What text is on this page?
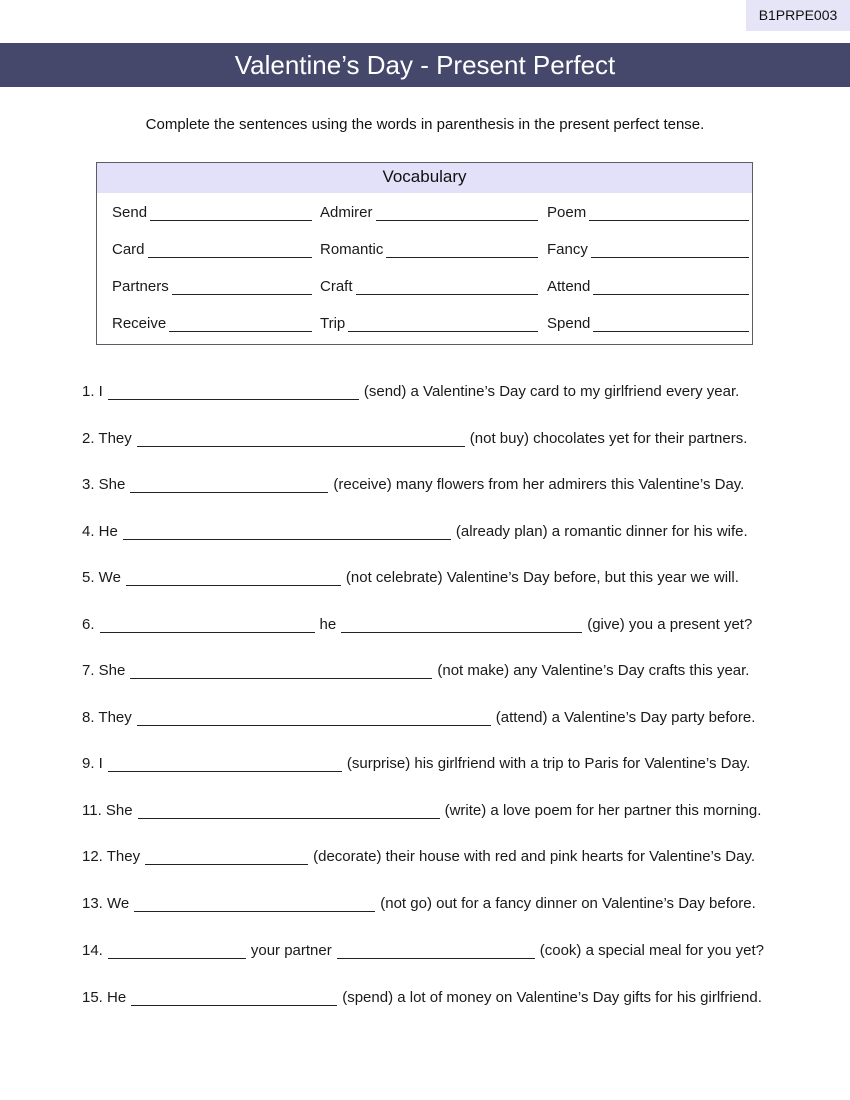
B1PRPE003
Valentine’s Day - Present Perfect
Complete the sentences using the words in parenthesis in the present perfect tense.
Vocabulary
Send	Admirer	Poem
Card	Romantic	Fancy
Partners	Craft	Attend
Receive	Trip	Spend
1. I	(send) a Valentine’s Day card to my girlfriend every year.
2. They	(not buy) chocolates yet for their partners.
3. She	(receive) many flowers from her admirers this Valentine’s Day.
4. He	(already plan) a romantic dinner for his wife.
5. We	(not celebrate) Valentine’s Day before, but this year we will.
6.	he	(give) you a present yet?
7. She	(not make) any Valentine’s Day crafts this year.
8. They	(attend) a Valentine’s Day party before.
9. I	(surprise) his girlfriend with a trip to Paris for Valentine’s Day.
11. She	(write) a love poem for her partner this morning.
12. They	(decorate) their house with red and pink hearts for Valentine’s Day.
13. We	(not go) out for a fancy dinner on Valentine’s Day before.
14.	your partner	(cook) a special meal for you yet?
15. He	(spend) a lot of money on Valentine’s Day gifts for his girlfriend.
